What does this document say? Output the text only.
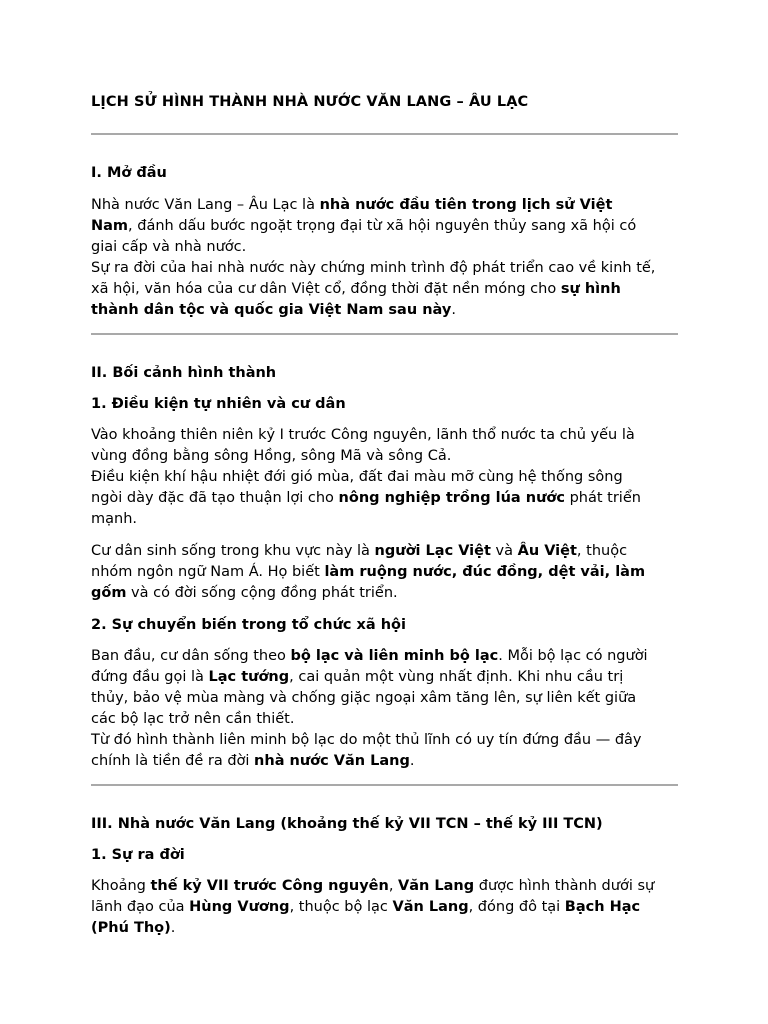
LỊCH SỬ HÌNH THÀNH NHÀ NƯỚC VĂN LANG – ÂU LẠC
I. Mở đầu

Nhà nước Văn Lang – Âu Lạc là nhà nước đầu tiên trong lịch sử Việt
Nam, đánh dấu bước ngoặt trọng đại từ xã hội nguyên thủy sang xã hội có
giai cấp và nhà nước.
Sự ra đời của hai nhà nước này chứng minh trình độ phát triển cao về kinh tế,
xã hội, văn hóa của cư dân Việt cổ, đồng thời đặt nền móng cho sự hình
thành dân tộc và quốc gia Việt Nam sau này.

II. Bối cảnh hình thành
1. Điều kiện tự nhiên và cư dân

Vào khoảng thiên niên kỷ I trước Công nguyên, lãnh thổ nước ta chủ yếu là
vùng đồng bằng sông Hồng, sông Mã và sông Cả.
Điều kiện khí hậu nhiệt đới gió mùa, đất đai màu mỡ cùng hệ thống sông
ngòi dày đặc đã tạo thuận lợi cho nông nghiệp trồng lúa nước phát triển
mạnh.

Cư dân sinh sống trong khu vực này là người Lạc Việt và Âu Việt, thuộc
nhóm ngôn ngữ Nam Á. Họ biết làm ruộng nước, đúc đồng, dệt vải, làm
gốm và có đời sống cộng đồng phát triển.

2. Sự chuyển biến trong tổ chức xã hội

Ban đầu, cư dân sống theo bộ lạc và liên minh bộ lạc. Mỗi bộ lạc có người
đứng đầu gọi là Lạc tướng, cai quản một vùng nhất định. Khi nhu cầu trị
thủy, bảo vệ mùa màng và chống giặc ngoại xâm tăng lên, sự liên kết giữa
các bộ lạc trở nên cần thiết.
Từ đó hình thành liên minh bộ lạc do một thủ lĩnh có uy tín đứng đầu — đây
chính là tiền đề ra đời nhà nước Văn Lang.

III. Nhà nước Văn Lang (khoảng thế kỷ VII TCN – thế kỷ III TCN)
1. Sự ra đời

Khoảng thế kỷ VII trước Công nguyên, Văn Lang được hình thành dưới sự
lãnh đạo của Hùng Vương, thuộc bộ lạc Văn Lang, đóng đô tại Bạch Hạc
(Phú Thọ).
